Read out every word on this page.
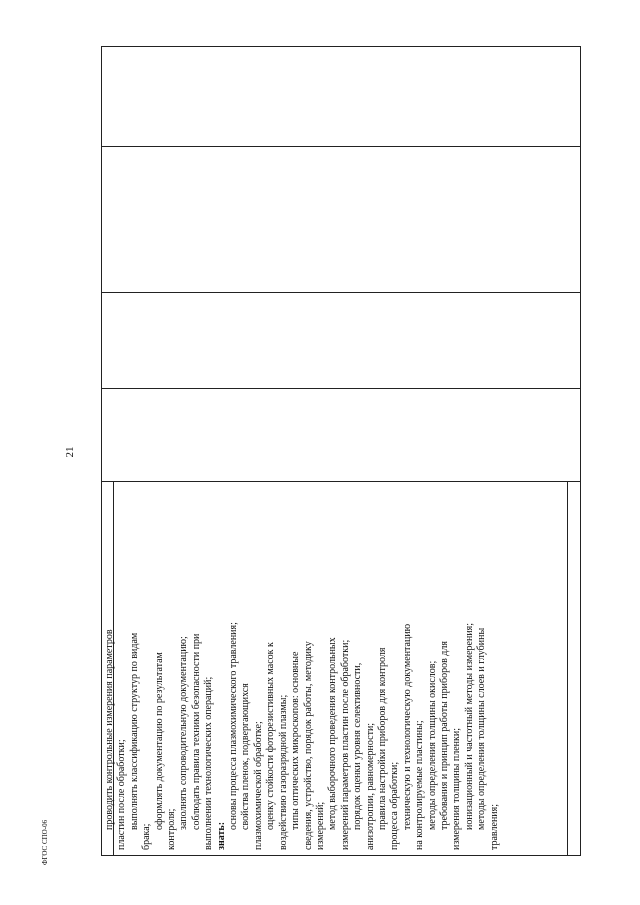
21
ФГОС СПО-06
проводить контрольные измерения параметров пластин после обработки; выполнять классификацию структур по видам
брака;
оформлять документацию по результатам контроля; заполнять сопроводительную документацию; соблюдать правила техники безопасности при выполнении технологических операций; знать:
основы процесса плазмохимического травления; свойства пленок, подвергающихся плазмохимической обработке; оценку стойкости фоторезистивных масок к воздействию газоразрядной плазмы; типы оптических микроскопов: основные сведения, устройство, порядок работы, методику измерений; метод выборочного проведения контрольных измерений параметров пластин после обработки; порядок оценки уровня селективности, анизотропии, равномерности; правила настройки приборов для контроля процесса обработки; техническую и технологическую документацию на контролируемые пластины; методы определения толщины окислов; требования и принцип работы приборов для измерения толщины пленки; ионизационный и частотный методы измерения; методы определения толщины слоев и глубины травления;
